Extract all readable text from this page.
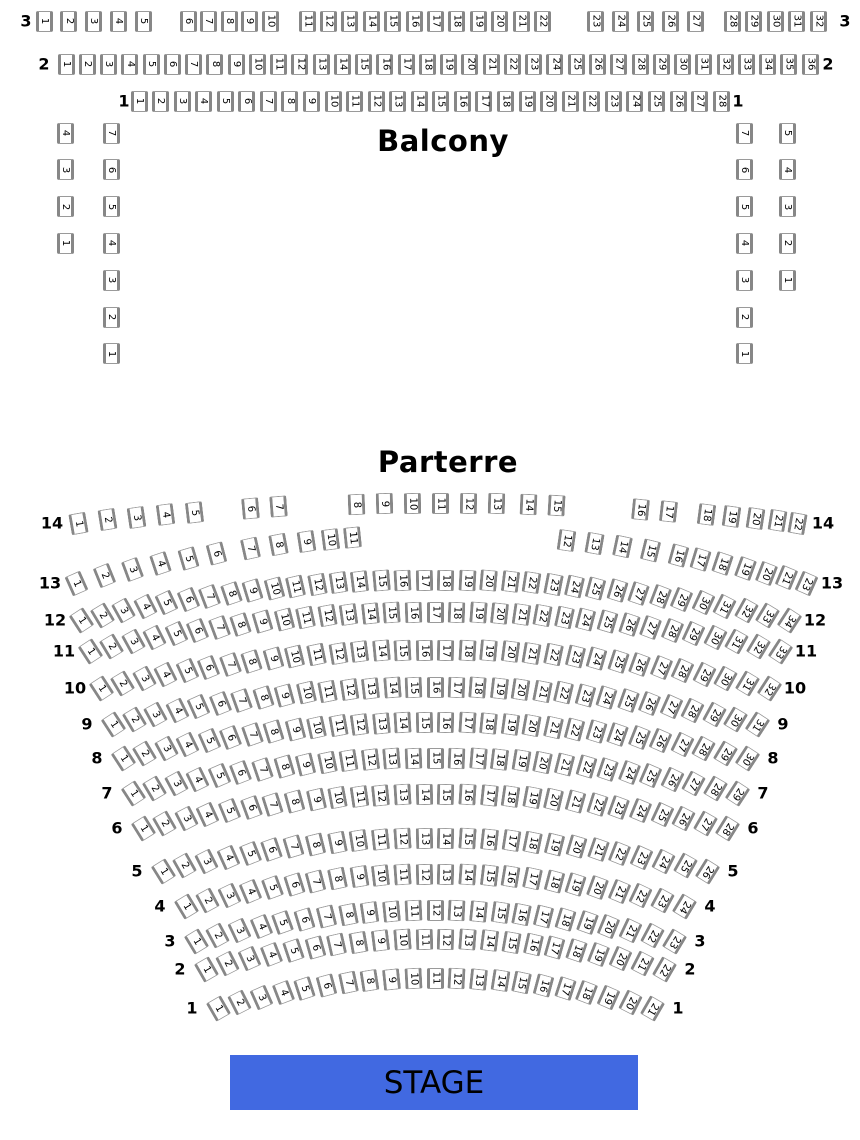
Balcony
Parterre
3	3
1 2 3 4 5	6 7 8 9 10	11 12 13 14 15 16 17 18 19 20 21 22	23 24 25 26 27	28 29 30 31 32
2	2
1 2 3 4 5 6 7 8 9 10 11 12 13 14 15 16 17 18 19 20 21 22 23 24 25 26 27 28 29 30 31 32 33 34 35 36
1	1
1 2 3 4 5 6 7 8 9 10 11 12 13 14 15 16 17 18 19 20 21 22 23 24 25 26 27 28
4
3
2
1
7
6
5
4
3
2
1
7
6
5
4
3
2
1
5
4
3
2
1
14	14
1 2 3 4 5	6 7	8 9 10 11 12 13 14 15	16 17	18 19 20 21 22
13	13
1
2
3
4
5
6
7 8 9 10 11	12 13 14 15 16 17 18 19 20 21 23
12	12
1 2 3 4 5 6 7 8 9 10 11 12 13 14 15 16 17 18 19 20 21 22 23 24 25 26 27 28 29 30 31 32 33 34
11	11
1 2 3 4 5 6 7 8 9 10 11 12 13 14 15 16 17 18 19 20 21 22 23 24 25 26 27 28 29 30 31 32 33
10	10
1 2 3 4 5 6 7 8 9 10 11 12 13 14 15 16 17 18 19 20 21 22 23 24 25 26 27 28 29 30 31 32
9	9
1 2 3 4 5 6 7 8 9 10 11 12 13 14 15 16 17 18 19 20 21 22 23 24 25 26 27 28 29 30 31
8	8
1 2 3 4 5 6 7 8 9 10 11 12 13 14 15 16 17 18 19 20 21 22 23 24 25 26 27 28 29 30
7	7
1 2 3 4 5 6 7 8 9 10 11 12 13 14 15 16 17 18 19 20 21 22 23 24 25 26 27 28 29
6	6
1 2 3 4 5 6 7 8 9 10 11 12 13 14 15 16 17 18 19 20 21 22 23 24 25 26 27 28
5	5
1 2 3 4 5 6 7 8 9 10 11 12 13 14 15 16 17 18 19 20 21 22 23 24 25 26
4	4
1 2 3 4 5 6 7 8 9 10 11 12 13 14 15 16 17 18 19 20 21 22 23 24
3	3
1 2 3 4 5 6 7 8 9 10 11 12 13 14 15 16 17 18 19 20 21 22 23
2	2
1 2 3 4 5 6 7 8 9 10 11 12 13 14 15 16 17 18 19 20 21 22
1	1
1
2 3 4 5 6 7 8 9 10 11 12 13 14 15 16 17 18 19 20 21
STAGE
